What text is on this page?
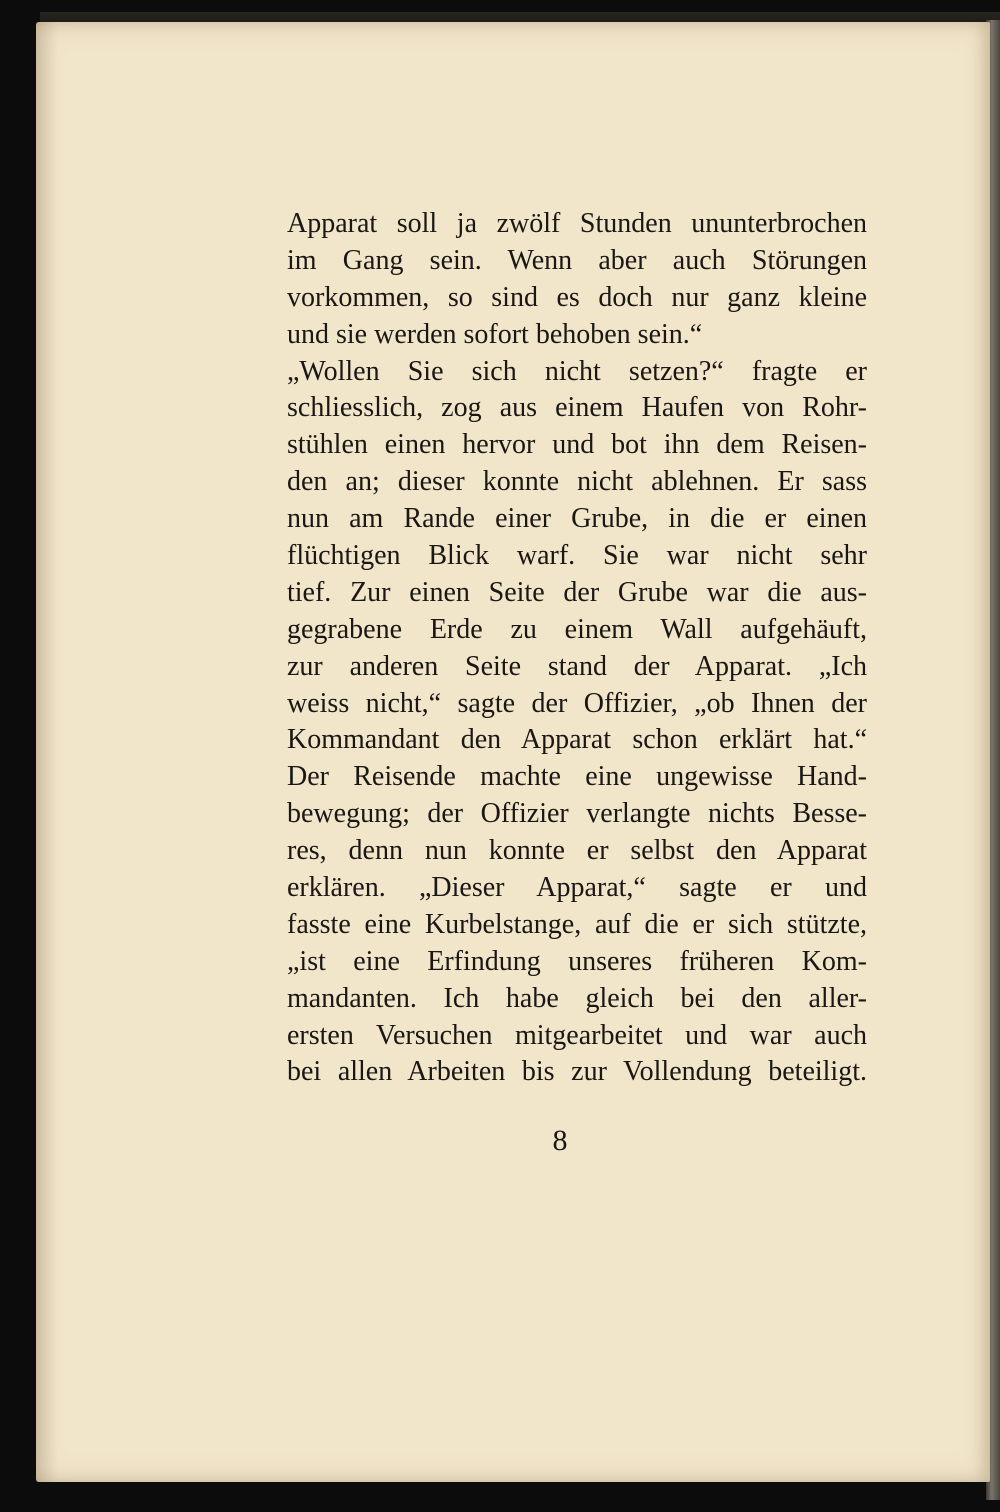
Apparat soll ja zwölf Stunden ununterbrochen
im Gang sein. Wenn aber auch Störungen
vorkommen, so sind es doch nur ganz kleine
und sie werden sofort behoben sein.“
„Wollen Sie sich nicht setzen?“ fragte er
schliesslich, zog aus einem Haufen von Rohr-
stühlen einen hervor und bot ihn dem Reisen-
den an; dieser konnte nicht ablehnen. Er sass
nun am Rande einer Grube, in die er einen
flüchtigen Blick warf. Sie war nicht sehr
tief. Zur einen Seite der Grube war die aus-
gegrabene Erde zu einem Wall aufgehäuft,
zur anderen Seite stand der Apparat. „Ich
weiss nicht,“ sagte der Offizier, „ob Ihnen der
Kommandant den Apparat schon erklärt hat.“
Der Reisende machte eine ungewisse Hand-
bewegung; der Offizier verlangte nichts Besse-
res, denn nun konnte er selbst den Apparat
erklären. „Dieser Apparat,“ sagte er und
fasste eine Kurbelstange, auf die er sich stützte,
„ist eine Erfindung unseres früheren Kom-
mandanten. Ich habe gleich bei den aller-
ersten Versuchen mitgearbeitet und war auch
bei allen Arbeiten bis zur Vollendung beteiligt.
8
